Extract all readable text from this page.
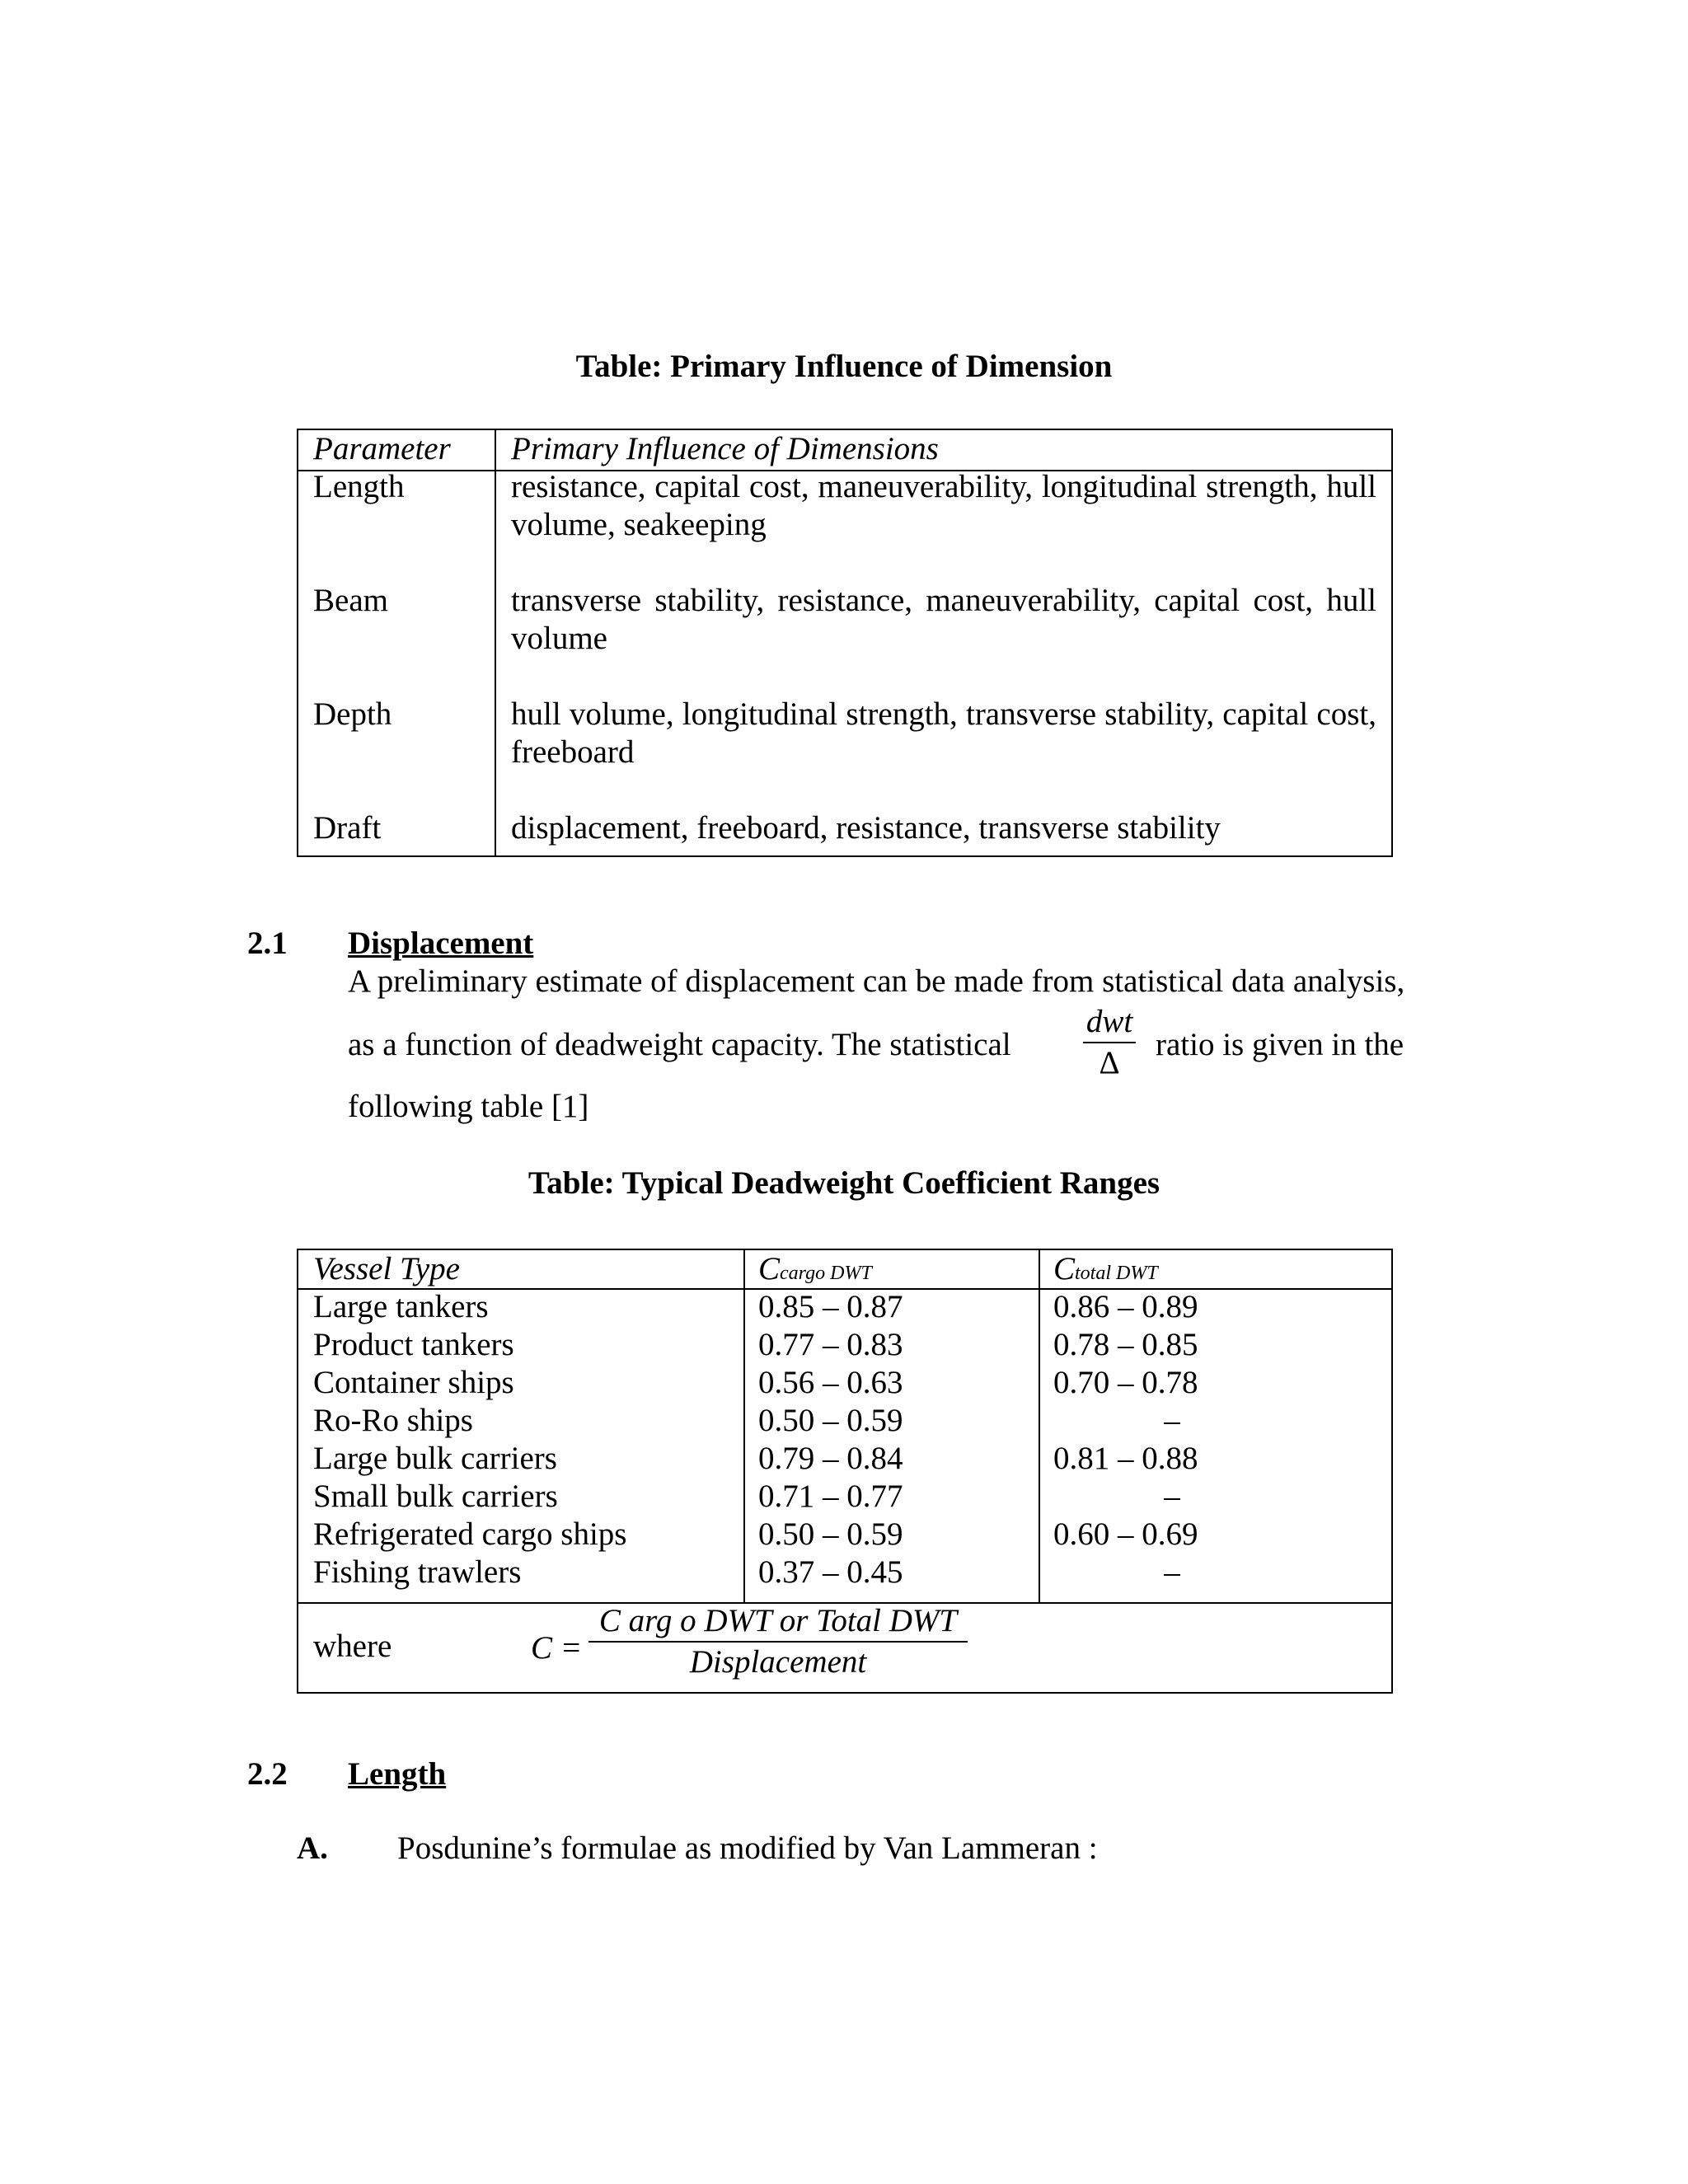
Table: Primary Influence of Dimension
Parameter	Primary Influence of Dimensions
Length	resistance, capital cost, maneuverability, longitudinal strength, hull volume, seakeeping
Beam	transverse stability, resistance, maneuverability, capital cost, hull volume
Depth	hull volume, longitudinal strength, transverse stability, capital cost, freeboard
Draft	displacement, freeboard, resistance, transverse stability
2.1 Displacement
A preliminary estimate of displacement can be made from statistical data analysis,
as a function of deadweight capacity. The statistical
dwt
Δ
ratio is given in the
following table [1]
Table: Typical Deadweight Coefficient Ranges
Vessel Type	Ccargo DWT	Ctotal DWT
Large tankers	0.85 – 0.87	0.86 – 0.89
Product tankers	0.77 – 0.83	0.78 – 0.85
Container ships	0.56 – 0.63	0.70 – 0.78
Ro-Ro ships	0.50 – 0.59	–
Large bulk carriers	0.79 – 0.84	0.81 – 0.88
Small bulk carriers	0.71 – 0.77	–
Refrigerated cargo ships	0.50 – 0.59	0.60 – 0.69
Fishing trawlers	0.37 – 0.45	–
where	C =
C arg o DWT or Total DWT
Displacement
2.2 Length
A. Posdunine’s formulae as modified by Van Lammeran :
